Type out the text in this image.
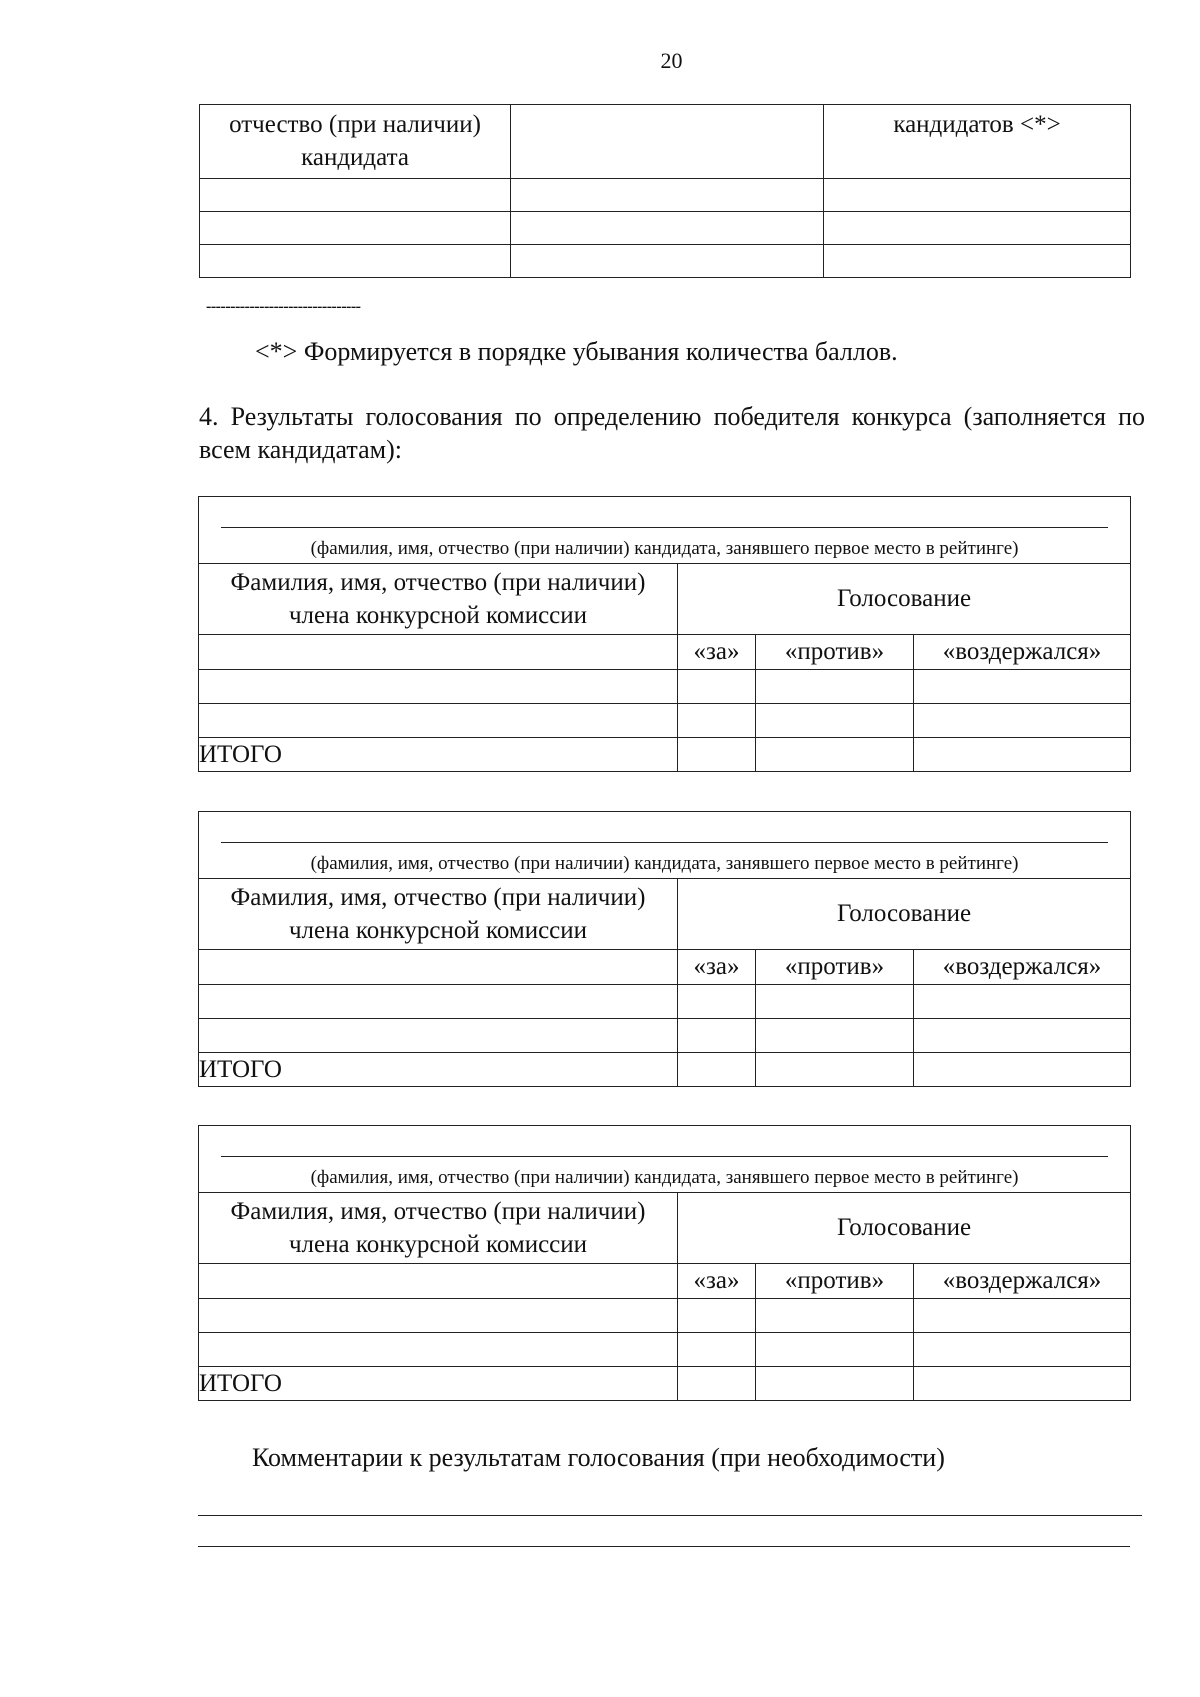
20
отчество (при наличии) кандидата		кандидатов <*>

--------------------------------
<*> Формируется в порядке убывания количества баллов.
4. Результаты голосования по определению победителя конкурса (заполняется по всем кандидатам):
(фамилия, имя, отчество (при наличии) кандидата, занявшего первое место в рейтинге)			

Фамилия, имя, отчество (при наличии) члена конкурсной комиссии	Голосование		
	«за»	«против»	«воздержался»

ИТОГО			
(фамилия, имя, отчество (при наличии) кандидата, занявшего первое место в рейтинге)			

Фамилия, имя, отчество (при наличии) члена конкурсной комиссии	Голосование		
	«за»	«против»	«воздержался»

ИТОГО			
(фамилия, имя, отчество (при наличии) кандидата, занявшего первое место в рейтинге)			

Фамилия, имя, отчество (при наличии) члена конкурсной комиссии	Голосование		
	«за»	«против»	«воздержался»

ИТОГО			
Комментарии к результатам голосования (при необходимости)
